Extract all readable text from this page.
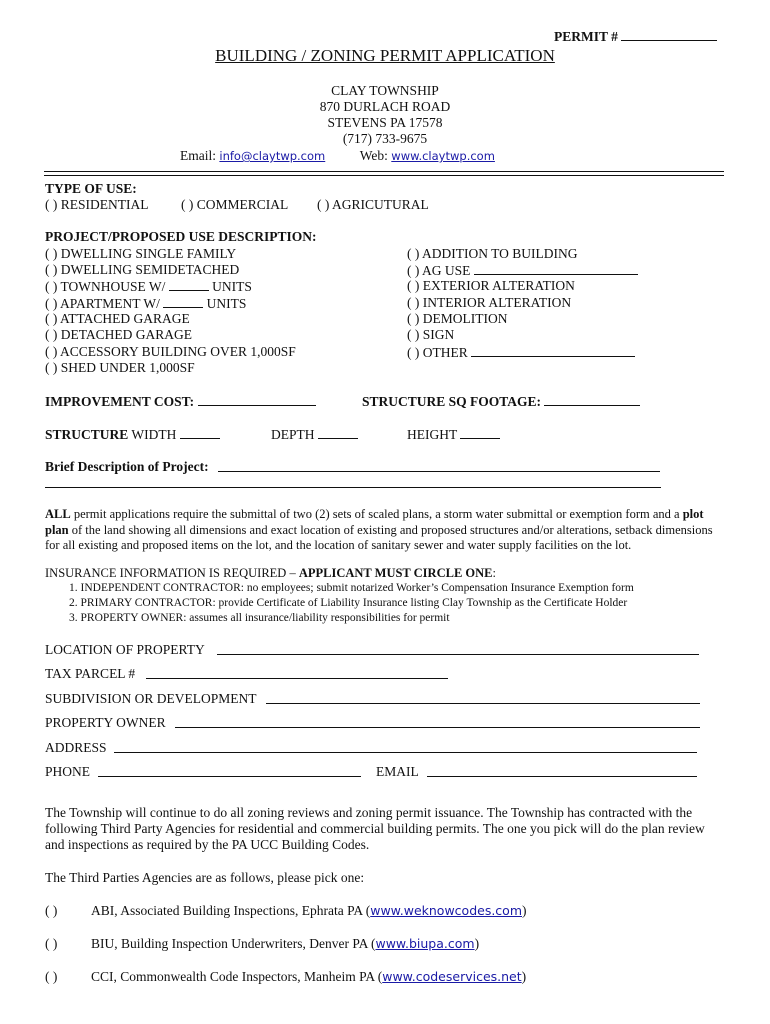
PERMIT #
BUILDING / ZONING PERMIT APPLICATION
CLAY TOWNSHIP
870 DURLACH ROAD
STEVENS PA 17578
(717) 733-9675
Email: info@claytwp.com	Web: www.claytwp.com
TYPE OF USE:
( ) RESIDENTIAL ( ) COMMERCIAL ( ) AGRICUTURAL
PROJECT/PROPOSED USE DESCRIPTION:
( ) DWELLING SINGLE FAMILY
( ) DWELLING SEMIDETACHED
( ) TOWNHOUSE W/	UNITS
( ) APARTMENT W/	UNITS
( ) ATTACHED GARAGE
( ) DETACHED GARAGE
( ) ACCESSORY BUILDING OVER 1,000SF
( ) SHED UNDER 1,000SF
( ) ADDITION TO BUILDING
( ) AG USE
( ) EXTERIOR ALTERATION
( ) INTERIOR ALTERATION
( ) DEMOLITION
( ) SIGN
( ) OTHER
IMPROVEMENT COST:	STRUCTURE SQ FOOTAGE:
STRUCTURE WIDTH	DEPTH	HEIGHT
Brief Description of Project:
ALL permit applications require the submittal of two (2) sets of scaled plans, a storm water submittal or exemption form and a plot plan of the land showing all dimensions and exact location of existing and proposed structures and/or alterations, setback dimensions for all existing and proposed items on the lot, and the location of sanitary sewer and water supply facilities on the lot.
INSURANCE INFORMATION IS REQUIRED – APPLICANT MUST CIRCLE ONE:
1. INDEPENDENT CONTRACTOR: no employees; submit notarized Worker’s Compensation Insurance Exemption form
2. PRIMARY CONTRACTOR: provide Certificate of Liability Insurance listing Clay Township as the Certificate Holder
3. PROPERTY OWNER: assumes all insurance/liability responsibilities for permit
LOCATION OF PROPERTY
TAX PARCEL #
SUBDIVISION OR DEVELOPMENT
PROPERTY OWNER
ADDRESS
PHONE	EMAIL
The Township will continue to do all zoning reviews and zoning permit issuance. The Township has contracted with the following Third Party Agencies for residential and commercial building permits. The one you pick will do the plan review and inspections as required by the PA UCC Building Codes.
The Third Parties Agencies are as follows, please pick one:
( ) ABI, Associated Building Inspections, Ephrata PA (www.weknowcodes.com)
( ) BIU, Building Inspection Underwriters, Denver PA (www.biupa.com)
( ) CCI, Commonwealth Code Inspectors, Manheim PA (www.codeservices.net)
